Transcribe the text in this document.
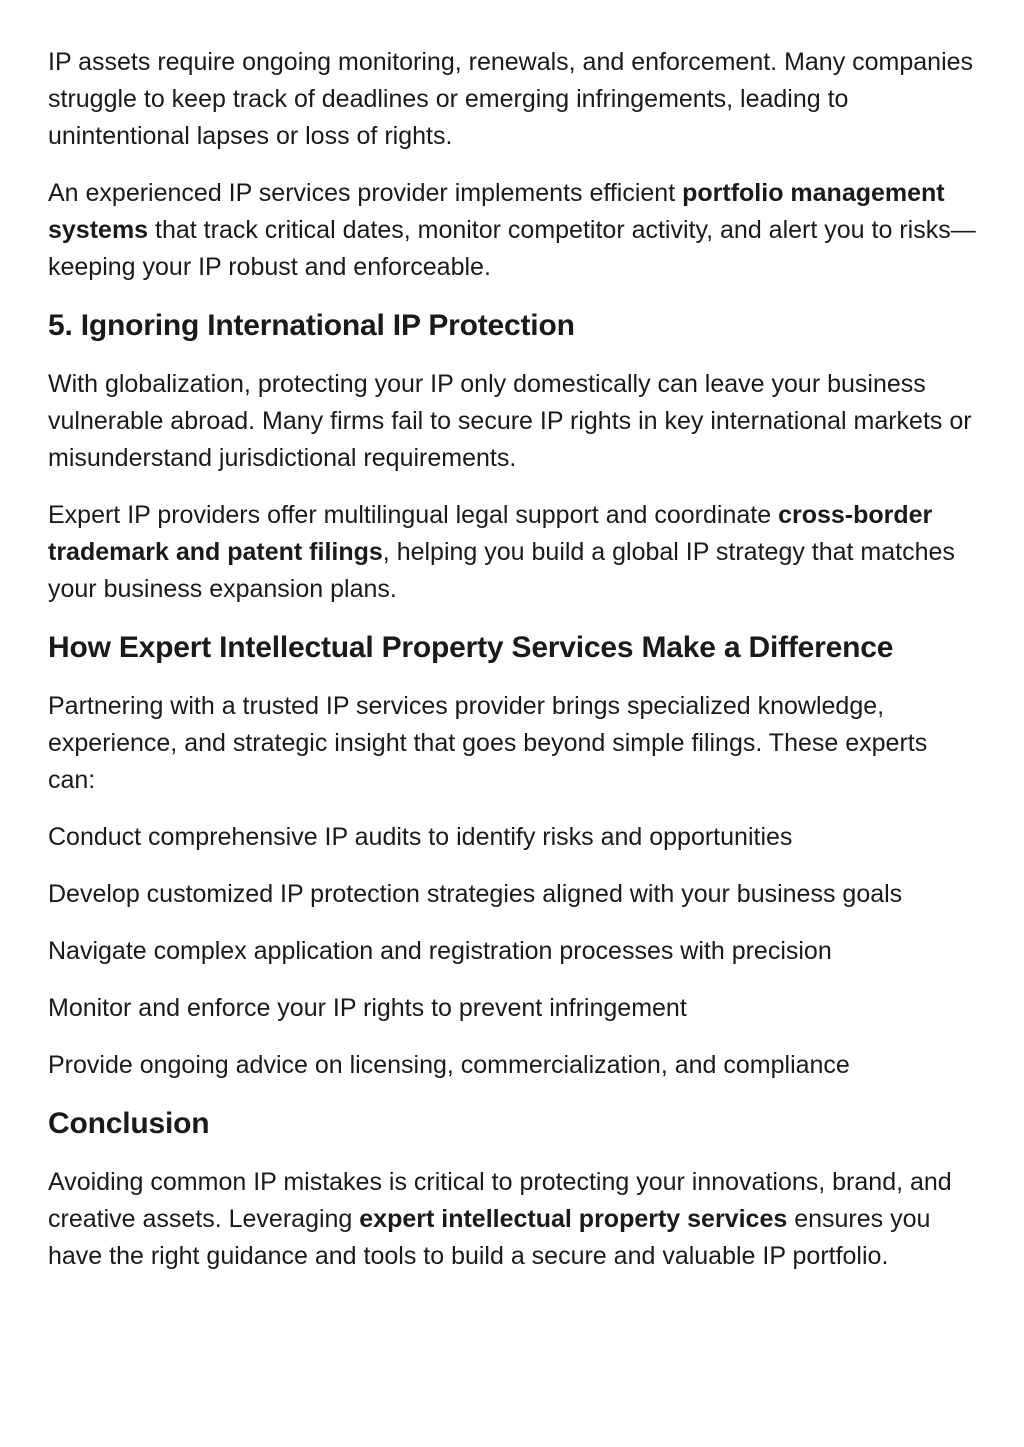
IP assets require ongoing monitoring, renewals, and enforcement. Many companies struggle to keep track of deadlines or emerging infringements, leading to unintentional lapses or loss of rights.

An experienced IP services provider implements efficient portfolio management systems that track critical dates, monitor competitor activity, and alert you to risks—keeping your IP robust and enforceable.

5. Ignoring International IP Protection

With globalization, protecting your IP only domestically can leave your business vulnerable abroad. Many firms fail to secure IP rights in key international markets or misunderstand jurisdictional requirements.

Expert IP providers offer multilingual legal support and coordinate cross-border trademark and patent filings, helping you build a global IP strategy that matches your business expansion plans.

How Expert Intellectual Property Services Make a Difference

Partnering with a trusted IP services provider brings specialized knowledge, experience, and strategic insight that goes beyond simple filings. These experts can:

Conduct comprehensive IP audits to identify risks and opportunities

Develop customized IP protection strategies aligned with your business goals

Navigate complex application and registration processes with precision

Monitor and enforce your IP rights to prevent infringement

Provide ongoing advice on licensing, commercialization, and compliance

Conclusion

Avoiding common IP mistakes is critical to protecting your innovations, brand, and creative assets. Leveraging expert intellectual property services ensures you have the right guidance and tools to build a secure and valuable IP portfolio.
